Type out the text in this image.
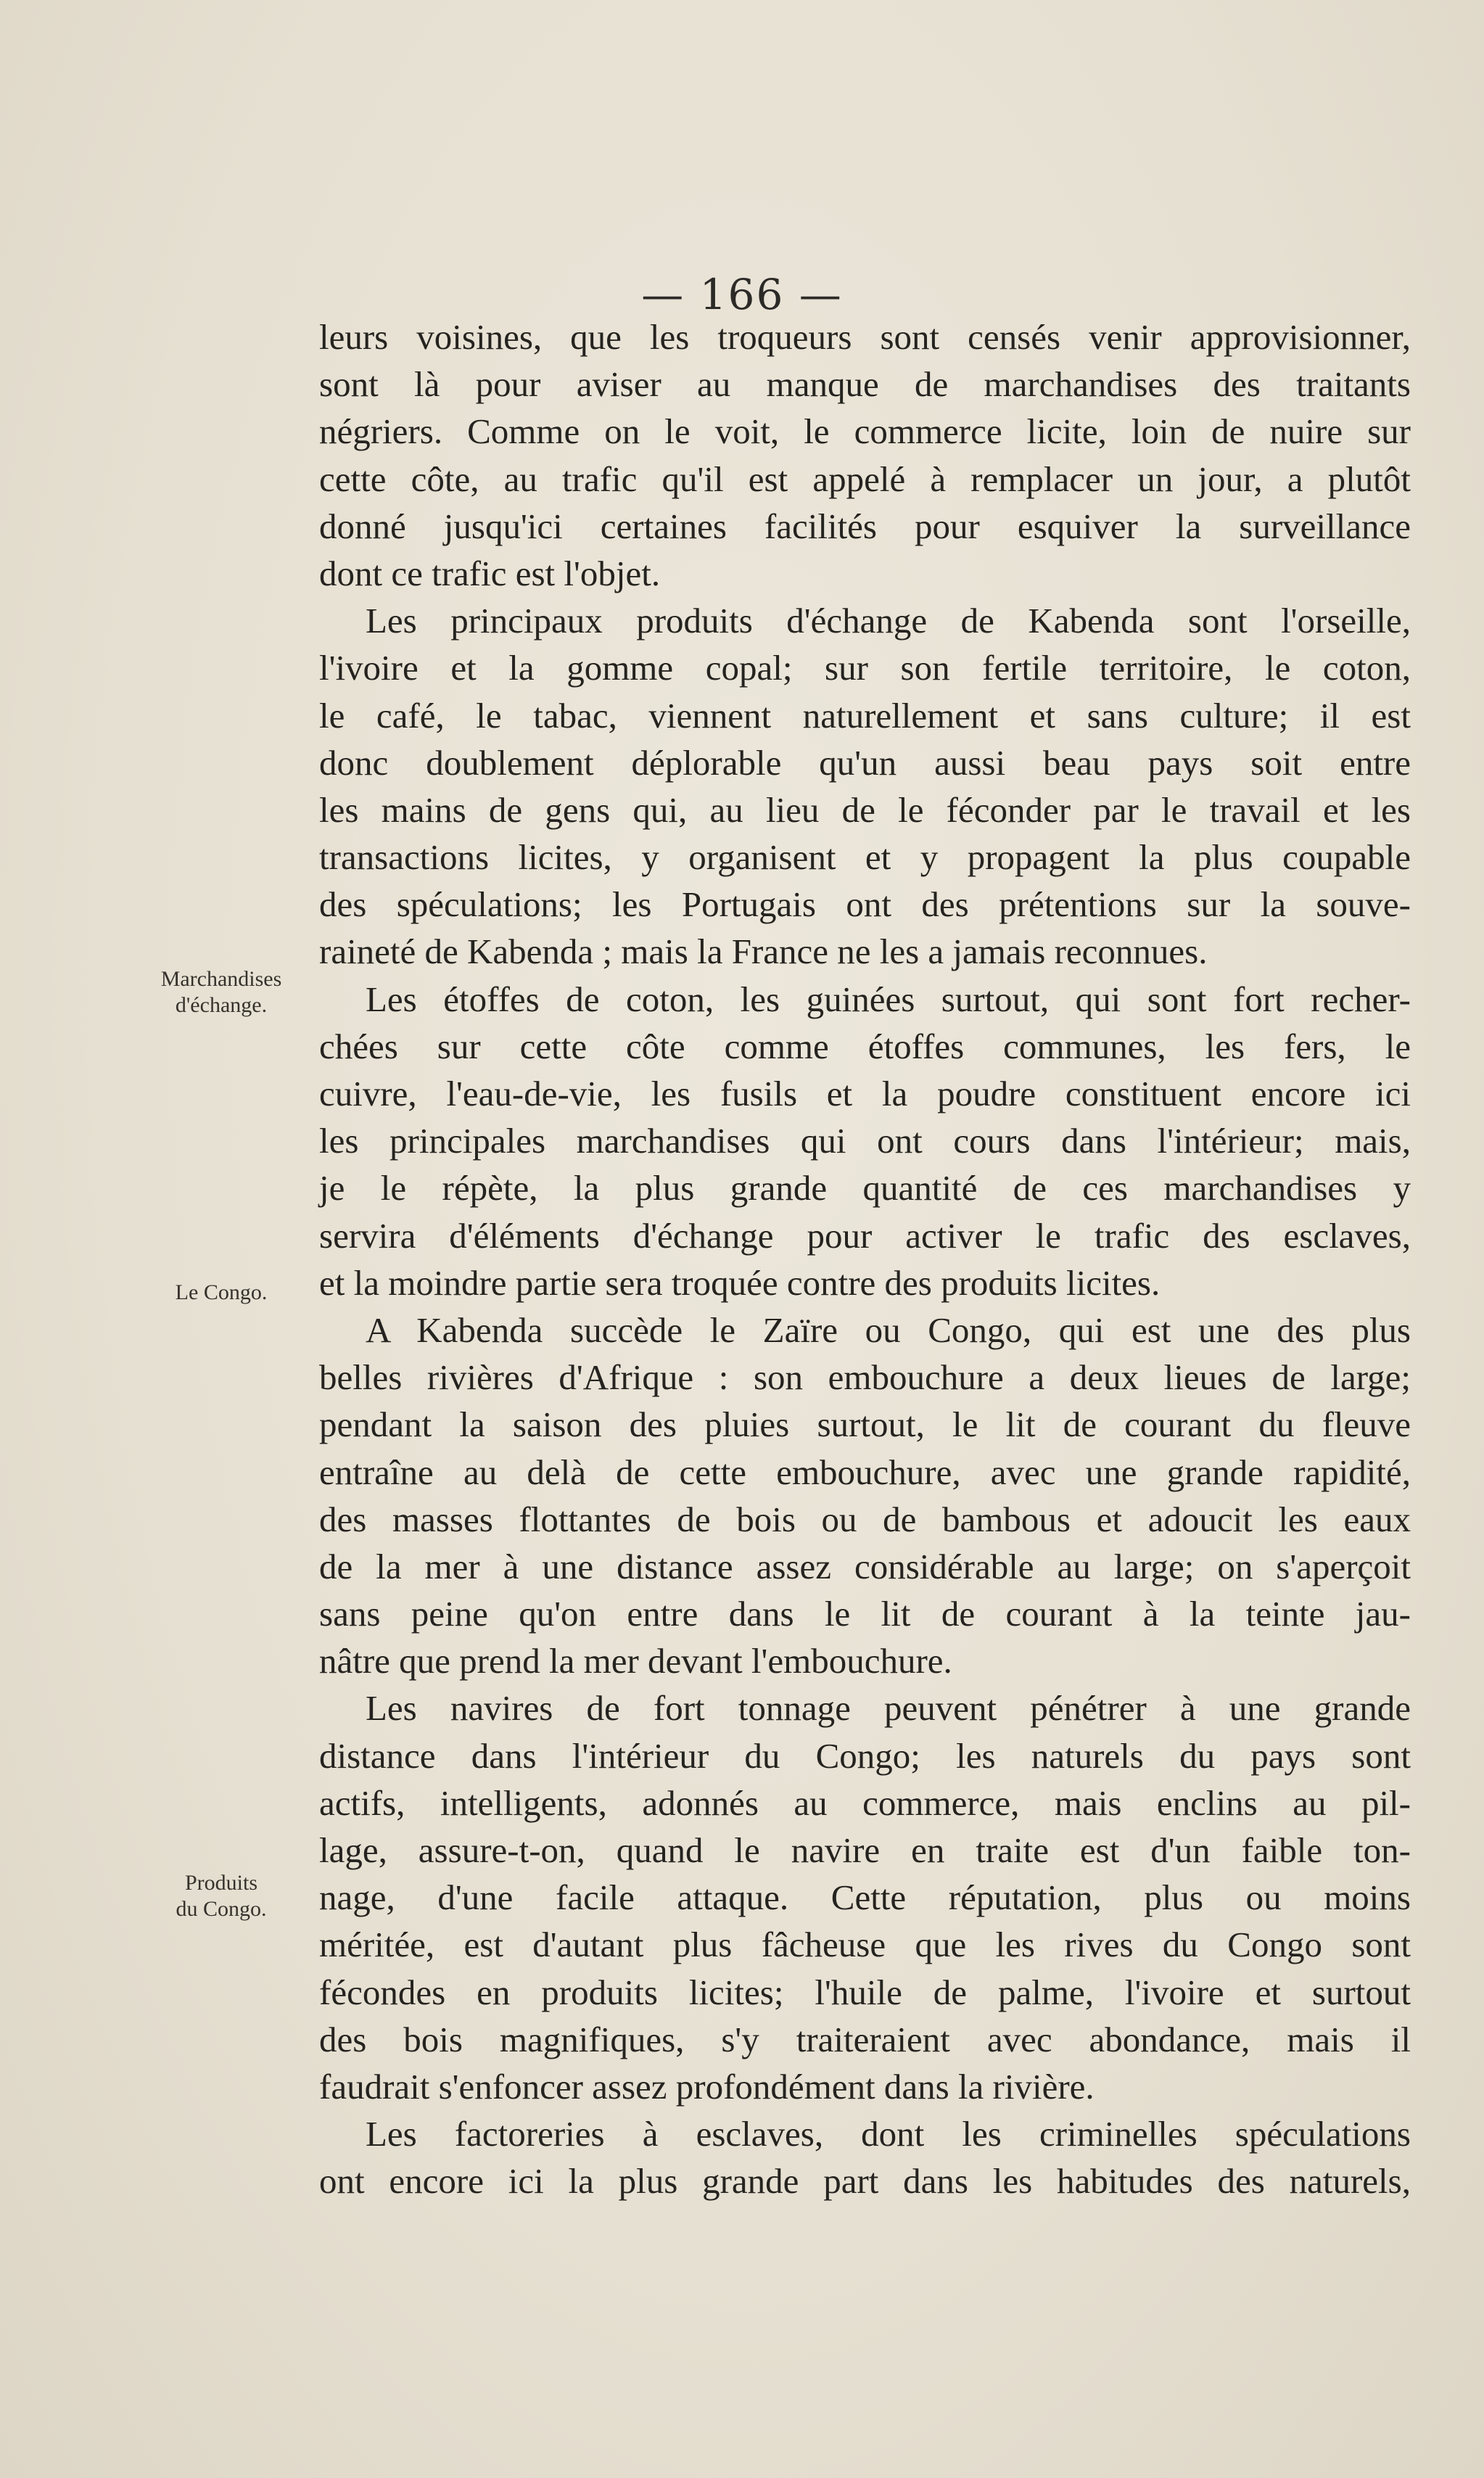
— 166 —
Marchandises
d'échange.
Le Congo.
Produits
du Congo.
leurs voisines, que les troqueurs sont censés venir approvisionner,
sont là pour aviser au manque de marchandises des traitants
négriers. Comme on le voit, le commerce licite, loin de nuire sur
cette côte, au trafic qu'il est appelé à remplacer un jour, a plutôt
donné jusqu'ici certaines facilités pour esquiver la surveillance
dont ce trafic est l'objet.
Les principaux produits d'échange de Kabenda sont l'orseille,
l'ivoire et la gomme copal; sur son fertile territoire, le coton,
le café, le tabac, viennent naturellement et sans culture; il est
donc doublement déplorable qu'un aussi beau pays soit entre
les mains de gens qui, au lieu de le féconder par le travail et les
transactions licites, y organisent et y propagent la plus coupable
des spéculations; les Portugais ont des prétentions sur la souve-
raineté de Kabenda ; mais la France ne les a jamais reconnues.
Les étoffes de coton, les guinées surtout, qui sont fort recher-
chées sur cette côte comme étoffes communes, les fers, le
cuivre, l'eau-de-vie, les fusils et la poudre constituent encore ici
les principales marchandises qui ont cours dans l'intérieur; mais,
je le répète, la plus grande quantité de ces marchandises y
servira d'éléments d'échange pour activer le trafic des esclaves,
et la moindre partie sera troquée contre des produits licites.
A Kabenda succède le Zaïre ou Congo, qui est une des plus
belles rivières d'Afrique : son embouchure a deux lieues de large;
pendant la saison des pluies surtout, le lit de courant du fleuve
entraîne au delà de cette embouchure, avec une grande rapidité,
des masses flottantes de bois ou de bambous et adoucit les eaux
de la mer à une distance assez considérable au large; on s'aperçoit
sans peine qu'on entre dans le lit de courant à la teinte jau-
nâtre que prend la mer devant l'embouchure.
Les navires de fort tonnage peuvent pénétrer à une grande
distance dans l'intérieur du Congo; les naturels du pays sont
actifs, intelligents, adonnés au commerce, mais enclins au pil-
lage, assure-t-on, quand le navire en traite est d'un faible ton-
nage, d'une facile attaque. Cette réputation, plus ou moins
méritée, est d'autant plus fâcheuse que les rives du Congo sont
fécondes en produits licites; l'huile de palme, l'ivoire et surtout
des bois magnifiques, s'y traiteraient avec abondance, mais il
faudrait s'enfoncer assez profondément dans la rivière.
Les factoreries à esclaves, dont les criminelles spéculations
ont encore ici la plus grande part dans les habitudes des naturels,
